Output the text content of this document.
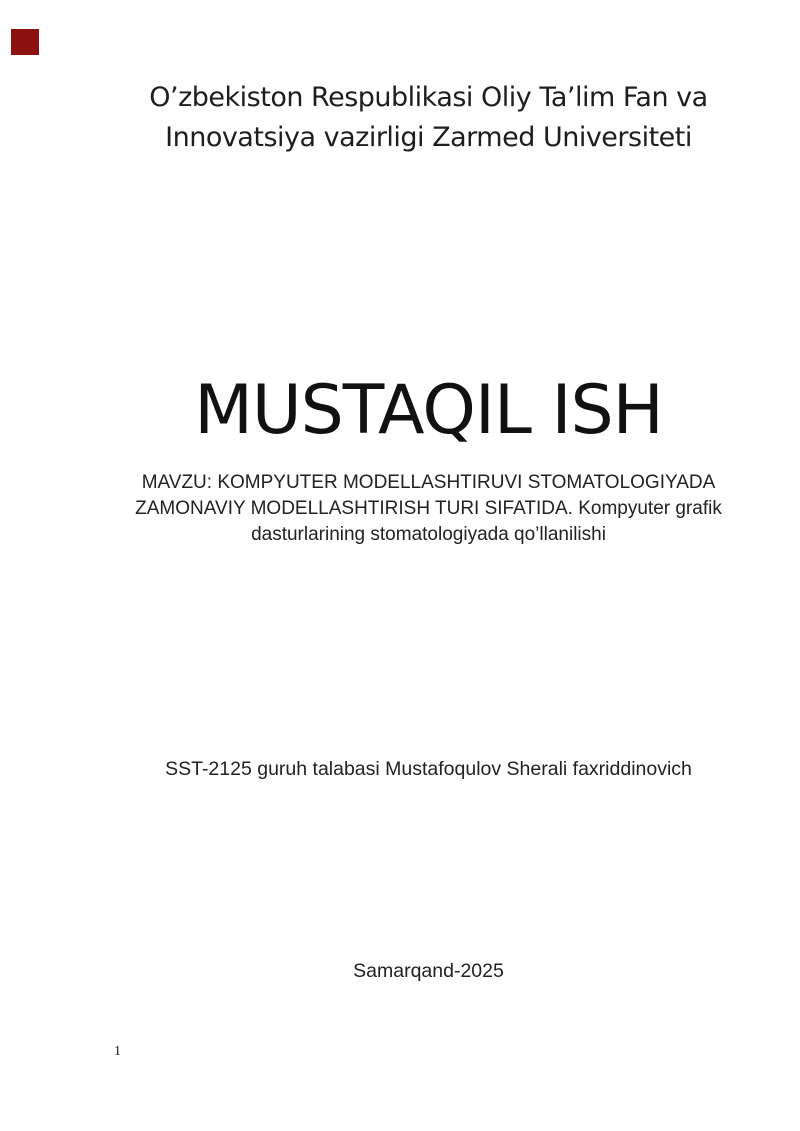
O’zbekiston Respublikasi Oliy Ta’lim Fan va
Innovatsiya vazirligi Zarmed Universiteti
MUSTAQIL ISH
MAVZU: KOMPYUTER MODELLASHTIRUVI STOMATOLOGIYADA
ZAMONAVIY MODELLASHTIRISH TURI SIFATIDA. Kompyuter grafik
dasturlarining stomatologiyada qo’llanilishi
SST-2125 guruh talabasi Mustafoqulov Sherali faxriddinovich
Samarqand-2025
1
